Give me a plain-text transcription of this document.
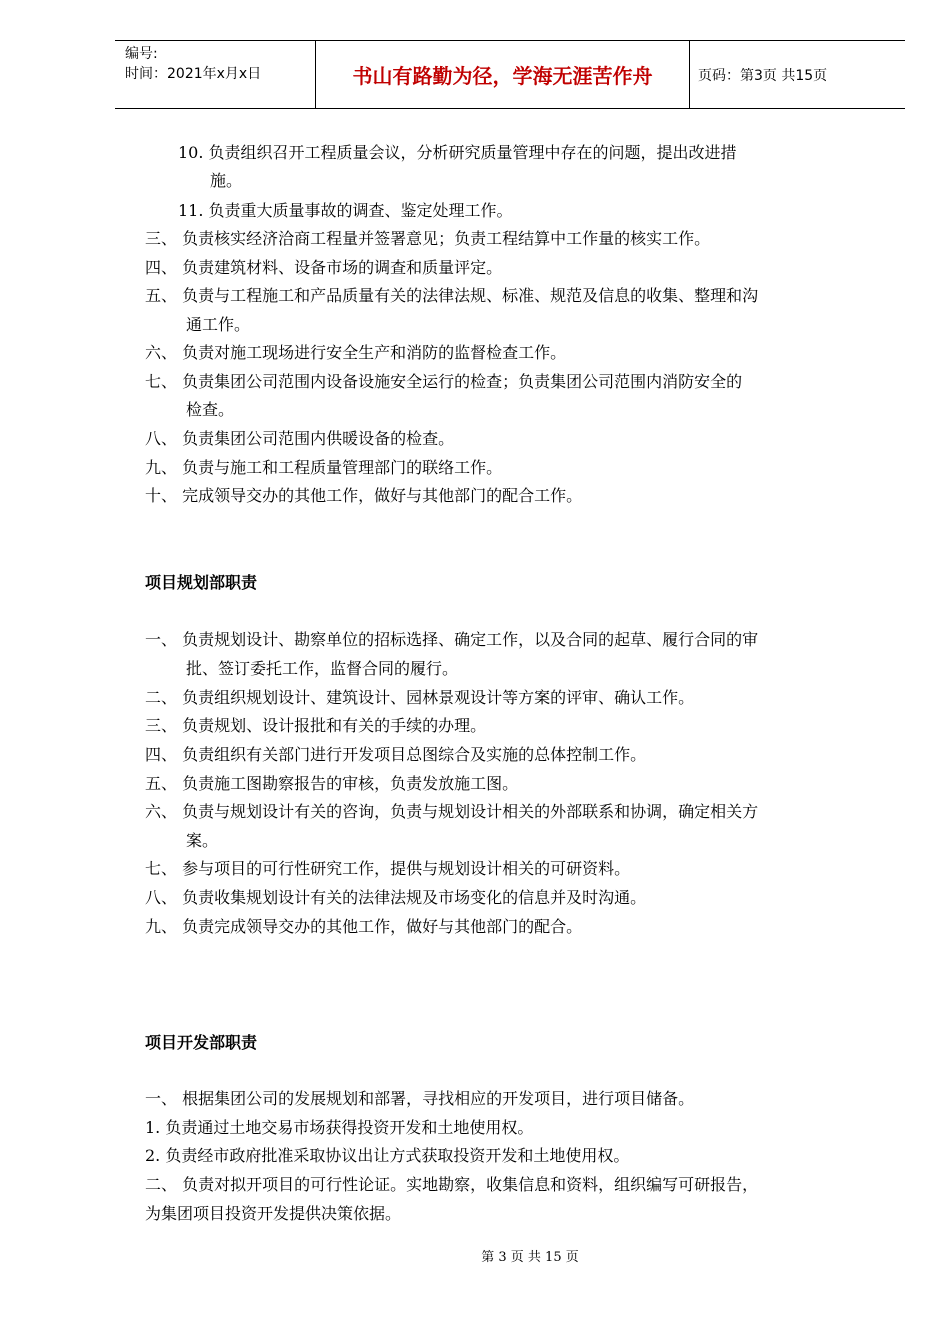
编号:
时间：2021年x月x日	书山有路勤为径，学海无涯苦作舟	页码：第3页 共15页
10. 负责组织召开工程质量会议，分析研究质量管理中存在的问题，提出改进措
施。
11. 负责重大质量事故的调查、鉴定处理工作。
三、 负责核实经济洽商工程量并签署意见；负责工程结算中工作量的核实工作。
四、 负责建筑材料、设备市场的调查和质量评定。
五、 负责与工程施工和产品质量有关的法律法规、标准、规范及信息的收集、整理和沟
通工作。
六、 负责对施工现场进行安全生产和消防的监督检查工作。
七、 负责集团公司范围内设备设施安全运行的检查；负责集团公司范围内消防安全的
检查。
八、 负责集团公司范围内供暖设备的检查。
九、 负责与施工和工程质量管理部门的联络工作。
十、 完成领导交办的其他工作，做好与其他部门的配合工作。
项目规划部职责
一、 负责规划设计、勘察单位的招标选择、确定工作，以及合同的起草、履行合同的审
批、签订委托工作，监督合同的履行。
二、 负责组织规划设计、建筑设计、园林景观设计等方案的评审、确认工作。
三、 负责规划、设计报批和有关的手续的办理。
四、 负责组织有关部门进行开发项目总图综合及实施的总体控制工作。
五、 负责施工图勘察报告的审核，负责发放施工图。
六、 负责与规划设计有关的咨询，负责与规划设计相关的外部联系和协调，确定相关方
案。
七、 参与项目的可行性研究工作，提供与规划设计相关的可研资料。
八、 负责收集规划设计有关的法律法规及市场变化的信息并及时沟通。
九、 负责完成领导交办的其他工作，做好与其他部门的配合。
项目开发部职责
一、 根据集团公司的发展规划和部署，寻找相应的开发项目，进行项目储备。
1. 负责通过土地交易市场获得投资开发和土地使用权。
2. 负责经市政府批准采取协议出让方式获取投资开发和土地使用权。
二、 负责对拟开项目的可行性论证。实地勘察，收集信息和资料，组织编写可研报告，
为集团项目投资开发提供决策依据。
第 3 页 共 15 页
